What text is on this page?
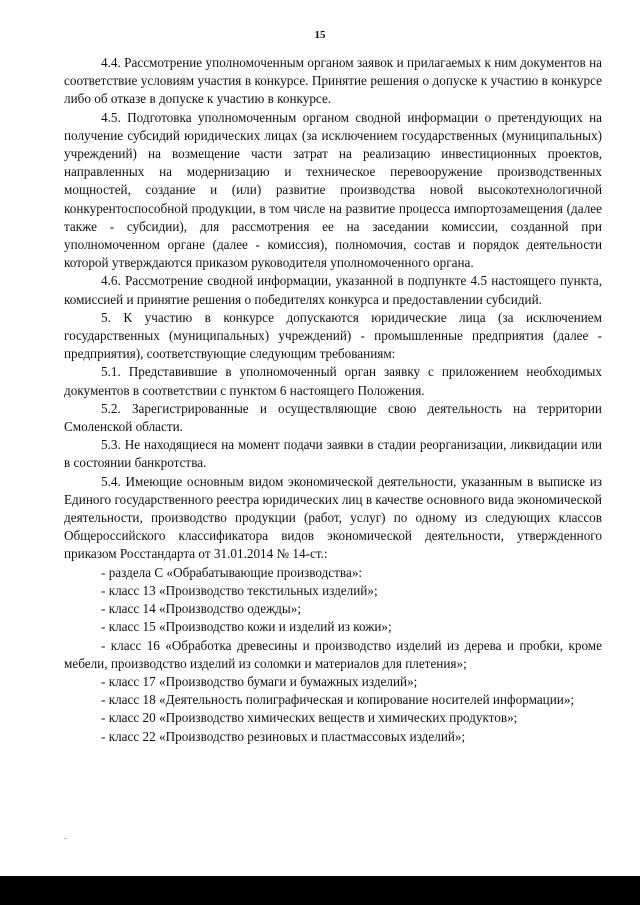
15

4.4. Рассмотрение уполномоченным органом заявок и прилагаемых к ним документов на соответствие условиям участия в конкурсе. Принятие решения о допуске к участию в конкурсе либо об отказе в допуске к участию в конкурсе.

4.5. Подготовка уполномоченным органом сводной информации о претендующих на получение субсидий юридических лицах (за исключением государственных (муниципальных) учреждений) на возмещение части затрат на реализацию инвестиционных проектов, направленных на модернизацию и техническое перевооружение производственных мощностей, создание и (или) развитие производства новой высокотехнологичной конкурентоспособной продукции, в том числе на развитие процесса импортозамещения (далее также - субсидии), для рассмотрения ее на заседании комиссии, созданной при уполномоченном органе (далее - комиссия), полномочия, состав и порядок деятельности которой утверждаются приказом руководителя уполномоченного органа.

4.6. Рассмотрение сводной информации, указанной в подпункте 4.5 настоящего пункта, комиссией и принятие решения о победителях конкурса и предоставлении субсидий.

5. К участию в конкурсе допускаются юридические лица (за исключением государственных (муниципальных) учреждений) - промышленные предприятия (далее - предприятия), соответствующие следующим требованиям:

5.1. Представившие в уполномоченный орган заявку с приложением необходимых документов в соответствии с пунктом 6 настоящего Положения.

5.2. Зарегистрированные и осуществляющие свою деятельность на территории Смоленской области.

5.3. Не находящиеся на момент подачи заявки в стадии реорганизации, ликвидации или в состоянии банкротства.

5.4. Имеющие основным видом экономической деятельности, указанным в выписке из Единого государственного реестра юридических лиц в качестве основного вида экономической деятельности, производство продукции (работ, услуг) по одному из следующих классов Общероссийского классификатора видов экономической деятельности, утвержденного приказом Росстандарта от 31.01.2014 № 14-ст.:

- раздела С «Обрабатывающие производства»:

- класс 13 «Производство текстильных изделий»;

- класс 14 «Производство одежды»;

- класс 15 «Производство кожи и изделий из кожи»;

- класс 16 «Обработка древесины и производство изделий из дерева и пробки, кроме мебели, производство изделий из соломки и материалов для плетения»;

- класс 17 «Производство бумаги и бумажных изделий»;

- класс 18 «Деятельность полиграфическая и копирование носителей информации»;

- класс 20 «Производство химических веществ и химических продуктов»;

- класс 22 «Производство резиновых и пластмассовых изделий»;
